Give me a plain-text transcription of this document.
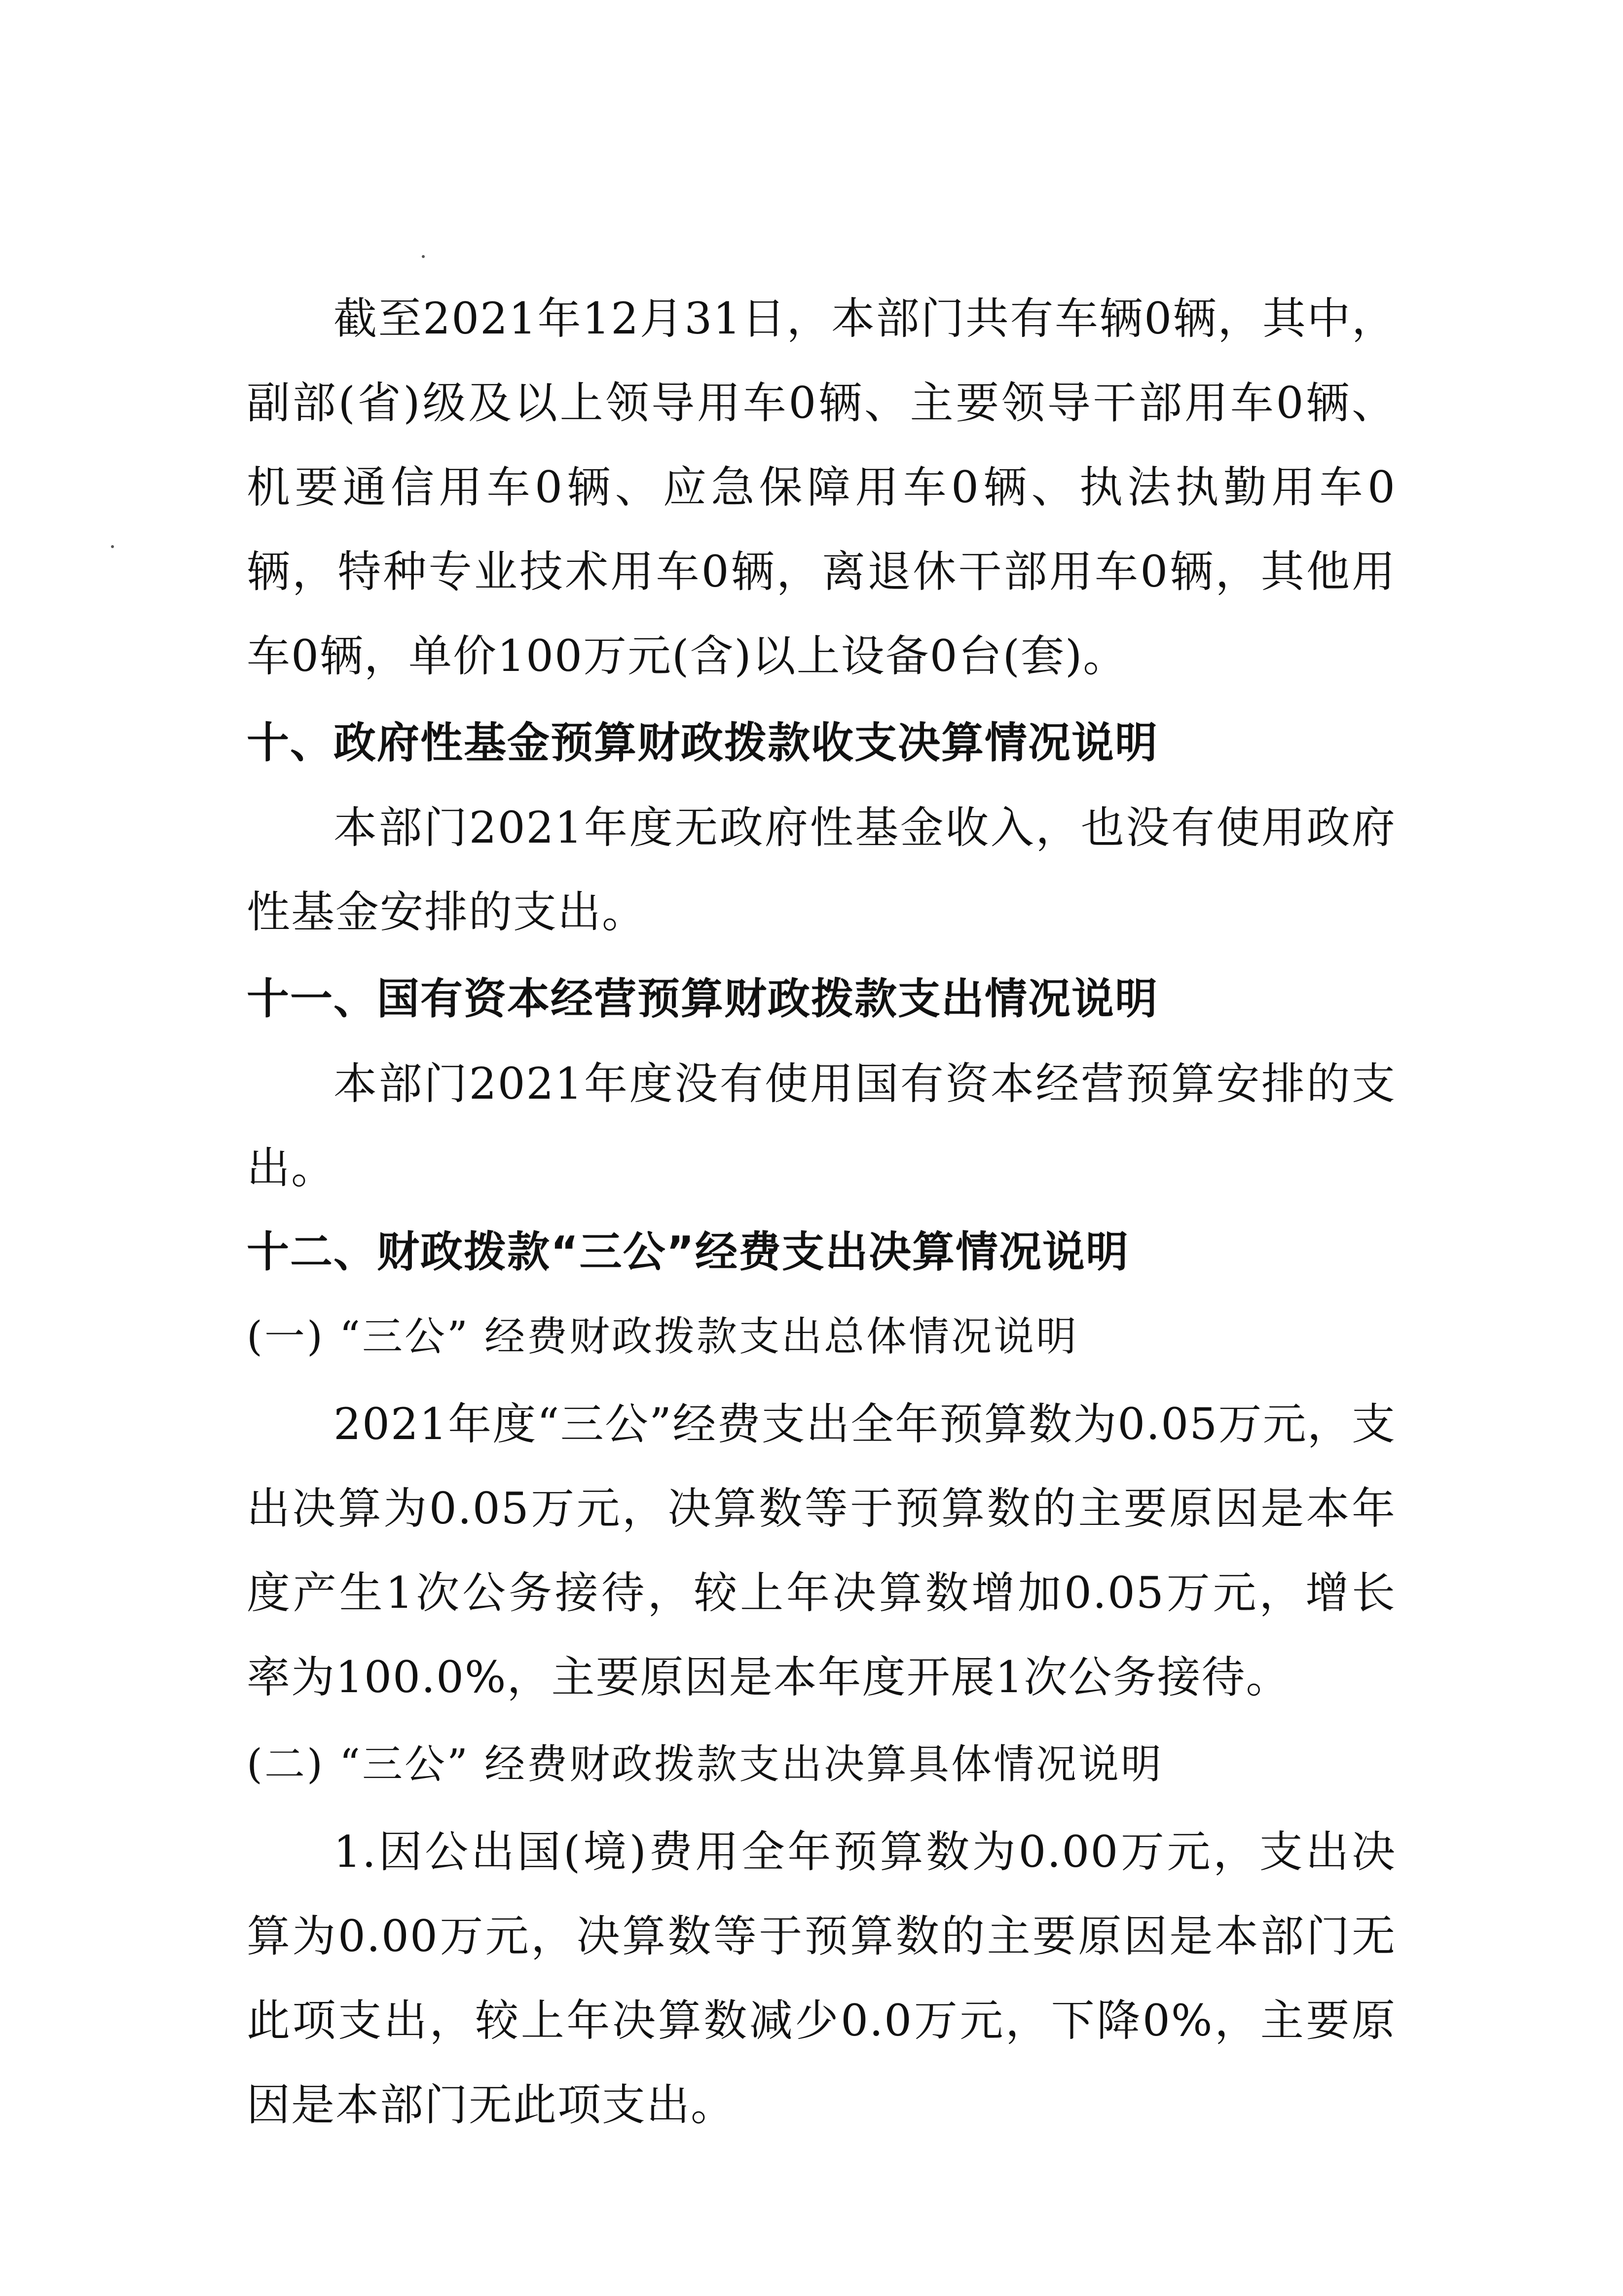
截至2021年12月31日，本部门共有车辆0辆，其中，副部(省)级及以上领导用车0辆、主要领导干部用车0辆、机要通信用车0辆、应急保障用车0辆、执法执勤用车0辆，特种专业技术用车0辆，离退休干部用车0辆，其他用车0辆，单价100万元(含)以上设备0台(套)。

十、政府性基金预算财政拨款收支决算情况说明

本部门2021年度无政府性基金收入，也没有使用政府性基金安排的支出。

十一、国有资本经营预算财政拨款支出情况说明

本部门2021年度没有使用国有资本经营预算安排的支出。

十二、财政拨款“三公”经费支出决算情况说明

(一) “三公” 经费财政拨款支出总体情况说明

2021年度“三公”经费支出全年预算数为0.05万元，支出决算为0.05万元，决算数等于预算数的主要原因是本年度产生1次公务接待，较上年决算数增加0.05万元，增长率为100.0%，主要原因是本年度开展1次公务接待。

(二) “三公” 经费财政拨款支出决算具体情况说明

1.因公出国(境)费用全年预算数为0.00万元，支出决算为0.00万元，决算数等于预算数的主要原因是本部门无此项支出，较上年决算数减少0.0万元，下降0%，主要原因是本部门无此项支出。
